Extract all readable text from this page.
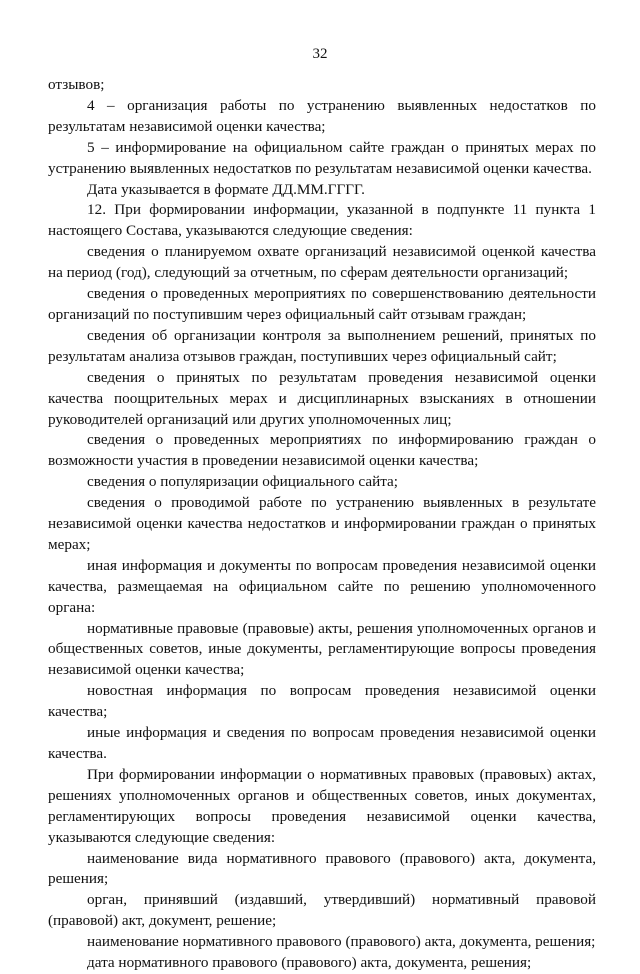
32

отзывов;

4 – организация работы по устранению выявленных недостатков по результатам независимой оценки качества;

5 – информирование на официальном сайте граждан о принятых мерах по устранению выявленных недостатков по результатам независимой оценки качества.

Дата указывается в формате ДД.ММ.ГГГГ.

12. При формировании информации, указанной в подпункте 11 пункта 1 настоящего Состава, указываются следующие сведения:

сведения о планируемом охвате организаций независимой оценкой качества на период (год), следующий за отчетным, по сферам деятельности организаций;

сведения о проведенных мероприятиях по совершенствованию деятельности организаций по поступившим через официальный сайт отзывам граждан;

сведения об организации контроля за выполнением решений, принятых по результатам анализа отзывов граждан, поступивших через официальный сайт;

сведения о принятых по результатам проведения независимой оценки качества поощрительных мерах и дисциплинарных взысканиях в отношении руководителей организаций или других уполномоченных лиц;

сведения о проведенных мероприятиях по информированию граждан о возможности участия в проведении независимой оценки качества;

сведения о популяризации официального сайта;

сведения о проводимой работе по устранению выявленных в результате независимой оценки качества недостатков и информировании граждан о принятых мерах;

иная информация и документы по вопросам проведения независимой оценки качества, размещаемая на официальном сайте по решению уполномоченного органа:

нормативные правовые (правовые) акты, решения уполномоченных органов и общественных советов, иные документы, регламентирующие вопросы проведения независимой оценки качества;

новостная информация по вопросам проведения независимой оценки качества;

иные информация и сведения по вопросам проведения независимой оценки качества.

При формировании информации о нормативных правовых (правовых) актах, решениях уполномоченных органов и общественных советов, иных документах, регламентирующих вопросы проведения независимой оценки качества, указываются следующие сведения:

наименование вида нормативного правового (правового) акта, документа, решения;

орган, принявший (издавший, утвердивший) нормативный правовой (правовой) акт, документ, решение;

наименование нормативного правового (правового) акта, документа, решения;

дата нормативного правового (правового) акта, документа, решения;
